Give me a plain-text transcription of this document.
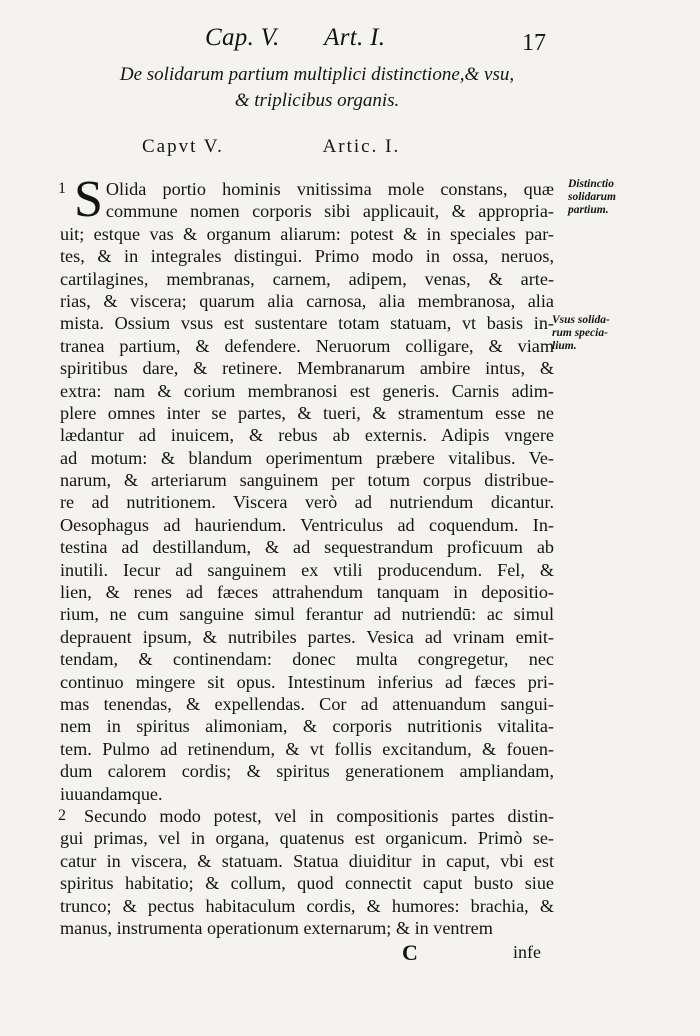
Cap. V. Art. I.	17
De solidarum partium multiplici distinctione,& vsu,
& triplicibus organis.
Capvt V.	Artic. I.
1 S Olida portio hominis vnitissima mole constans, quæ
commune nomen corporis sibi applicauit, & appropria-
uit; estque vas & organum aliarum: potest & in speciales par-
tes, & in integrales distingui. Primo modo in ossa, neruos,
cartilagines, membranas, carnem, adipem, venas, & arte-
rias, & viscera; quarum alia carnosa, alia membranosa, alia
mista. Ossium vsus est sustentare totam statuam, vt basis in-
tranea partium, & defendere. Neruorum colligare, & viam
spiritibus dare, & retinere. Membranarum ambire intus, &
extra: nam & corium membranosi est generis. Carnis adim-
plere omnes inter se partes, & tueri, & stramentum esse ne
lædantur ad inuicem, & rebus ab externis. Adipis vngere
ad motum: & blandum operimentum præbere vitalibus. Ve-
narum, & arteriarum sanguinem per totum corpus distribue-
re ad nutritionem. Viscera verò ad nutriendum dicantur.
Oesophagus ad hauriendum. Ventriculus ad coquendum. In-
testina ad destillandum, & ad sequestrandum proficuum ab
inutili. Iecur ad sanguinem ex vtili producendum. Fel, &
lien, & renes ad fæces attrahendum tanquam in depositio-
rium, ne cum sanguine simul ferantur ad nutriendū: ac simul
deprauent ipsum, & nutribiles partes. Vesica ad vrinam emit-
tendam, & continendam: donec multa congregetur, nec
continuo mingere sit opus. Intestinum inferius ad fæces pri-
mas tenendas, & expellendas. Cor ad attenuandum sangui-
nem in spiritus alimoniam, & corporis nutritionis vitalita-
tem. Pulmo ad retinendum, & vt follis excitandum, & fouen-
dum calorem cordis; & spiritus generationem ampliandam,
iuuandamque.
2 Secundo modo potest, vel in compositionis partes distin-
gui primas, vel in organa, quatenus est organicum. Primò se-
catur in viscera, & statuam. Statua diuiditur in caput, vbi est
spiritus habitatio; & collum, quod connectit caput busto siue
trunco; & pectus habitaculum cordis, & humores: brachia, &
manus, instrumenta operationum externarum; & in ventrem
Distinctio
solidarum
partium.
Vsus solida-
rum specia-
lium.
C	infe
